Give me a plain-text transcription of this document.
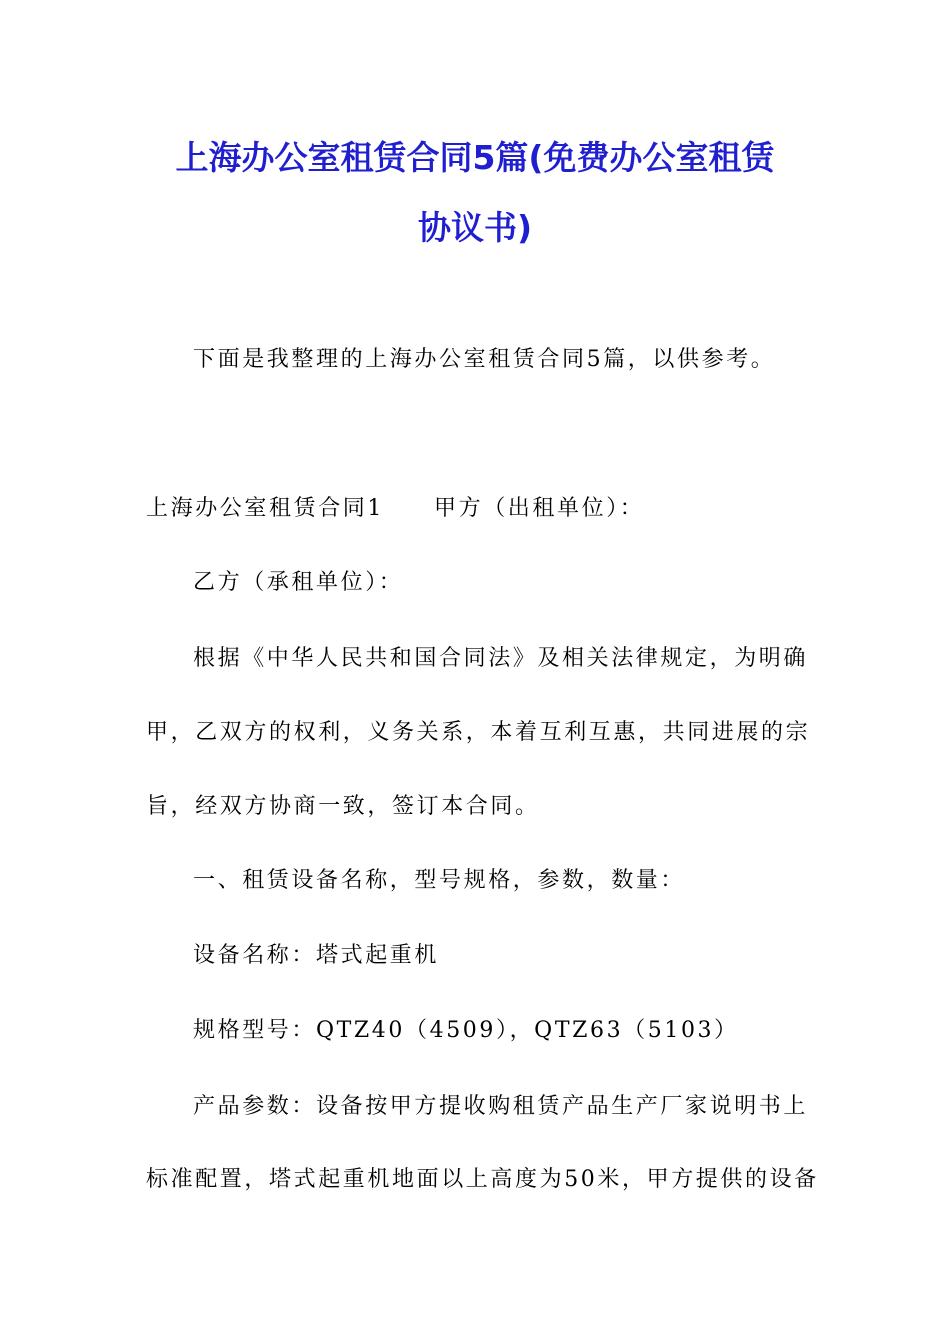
上海办公室租赁合同5篇(免费办公室租赁
协议书)
下面是我整理的上海办公室租赁合同5篇，以供参考。
上海办公室租赁合同1 甲方（出租单位）：
乙方（承租单位）：
根据《中华人民共和国合同法》及相关法律规定，为明确
甲，乙双方的权利，义务关系，本着互利互惠，共同进展的宗
旨，经双方协商一致，签订本合同。
一、租赁设备名称，型号规格，参数，数量：
设备名称：塔式起重机
规格型号：QTZ40（4509），QTZ63（5103）
产品参数：设备按甲方提收购租赁产品生产厂家说明书上
标准配置，塔式起重机地面以上高度为50米，甲方提供的设备
